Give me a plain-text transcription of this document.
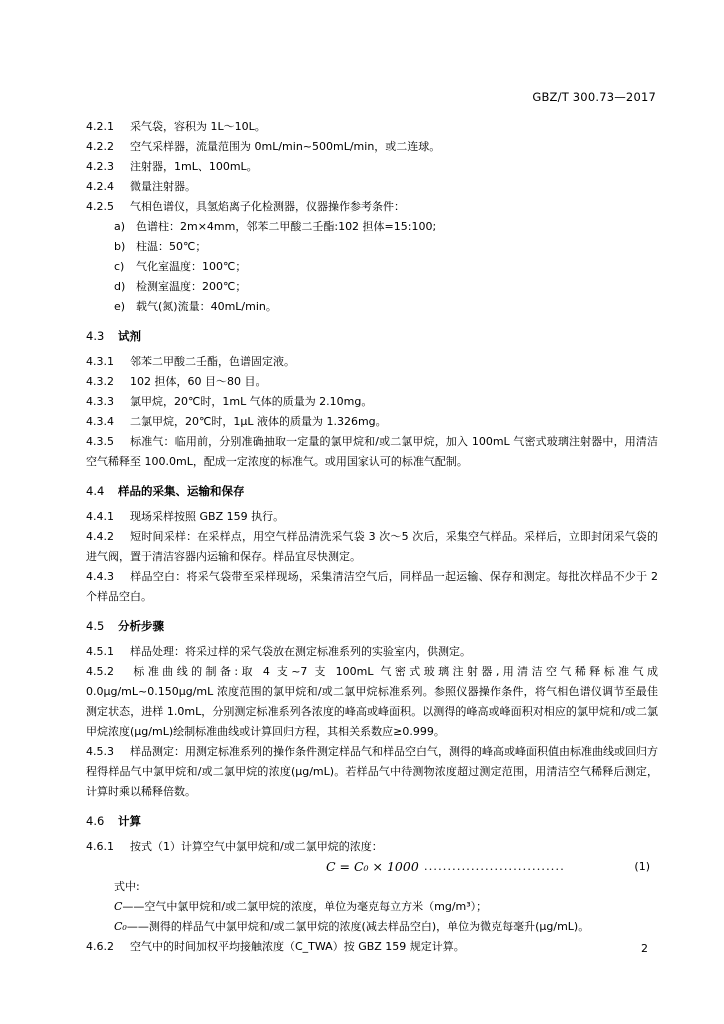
GBZ/T 300.73—2017

4.2.1 采气袋，容积为 1L～10L。

4.2.2 空气采样器，流量范围为 0mL/min~500mL/min，或二连球。

4.2.3 注射器，1mL、100mL。

4.2.4 微量注射器。

4.2.5 气相色谱仪，具氢焰离子化检测器，仪器操作参考条件：

a) 色谱柱：2m×4mm，邻苯二甲酸二壬酯:102 担体=15:100;

b) 柱温：50℃；

c) 气化室温度：100℃；

d) 检测室温度：200℃；

e) 载气(氮)流量：40mL/min。

4.3 试剂

4.3.1 邻苯二甲酸二壬酯，色谱固定液。

4.3.2 102 担体，60 目～80 目。

4.3.3 氯甲烷，20℃时，1mL 气体的质量为 2.10mg。

4.3.4 二氯甲烷，20℃时，1μL 液体的质量为 1.326mg。

4.3.5 标准气：临用前，分别准确抽取一定量的氯甲烷和/或二氯甲烷，加入 100mL 气密式玻璃注射器中，用清洁空气稀释至 100.0mL，配成一定浓度的标准气。或用国家认可的标准气配制。

4.4 样品的采集、运输和保存

4.4.1 现场采样按照 GBZ 159 执行。

4.4.2 短时间采样：在采样点，用空气样品清洗采气袋 3 次～5 次后，采集空气样品。采样后，立即封闭采气袋的进气阀，置于清洁容器内运输和保存。样品宜尽快测定。

4.4.3 样品空白：将采气袋带至采样现场，采集清洁空气后，同样品一起运输、保存和测定。每批次样品不少于 2 个样品空白。

4.5 分析步骤

4.5.1 样品处理：将采过样的采气袋放在测定标准系列的实验室内，供测定。

4.5.2 标准曲线的制备:取 4 支~7 支 100mL 气密式玻璃注射器,用清洁空气稀释标准气成 0.0μg/mL~0.150μg/mL 浓度范围的氯甲烷和/或二氯甲烷标准系列。参照仪器操作条件，将气相色谱仪调节至最佳测定状态，进样 1.0mL，分别测定标准系列各浓度的峰高或峰面积。以测得的峰高或峰面积对相应的氯甲烷和/或二氯甲烷浓度(μg/mL)绘制标准曲线或计算回归方程，其相关系数应≥0.999。

4.5.3 样品测定：用测定标准系列的操作条件测定样品气和样品空白气，测得的峰高或峰面积值由标准曲线或回归方程得样品气中氯甲烷和/或二氯甲烷的浓度(μg/mL)。若样品气中待测物浓度超过测定范围，用清洁空气稀释后测定，计算时乘以稀释倍数。

4.6 计算

4.6.1 按式（1）计算空气中氯甲烷和/或二氯甲烷的浓度：

C = C₀ × 1000 ..............................	(1)

式中:

C——空气中氯甲烷和/或二氯甲烷的浓度，单位为毫克每立方米（mg/m³）；

C₀——测得的样品气中氯甲烷和/或二氯甲烷的浓度(减去样品空白)，单位为微克每毫升(μg/mL)。

4.6.2 空气中的时间加权平均接触浓度（C_TWA）按 GBZ 159 规定计算。	2
